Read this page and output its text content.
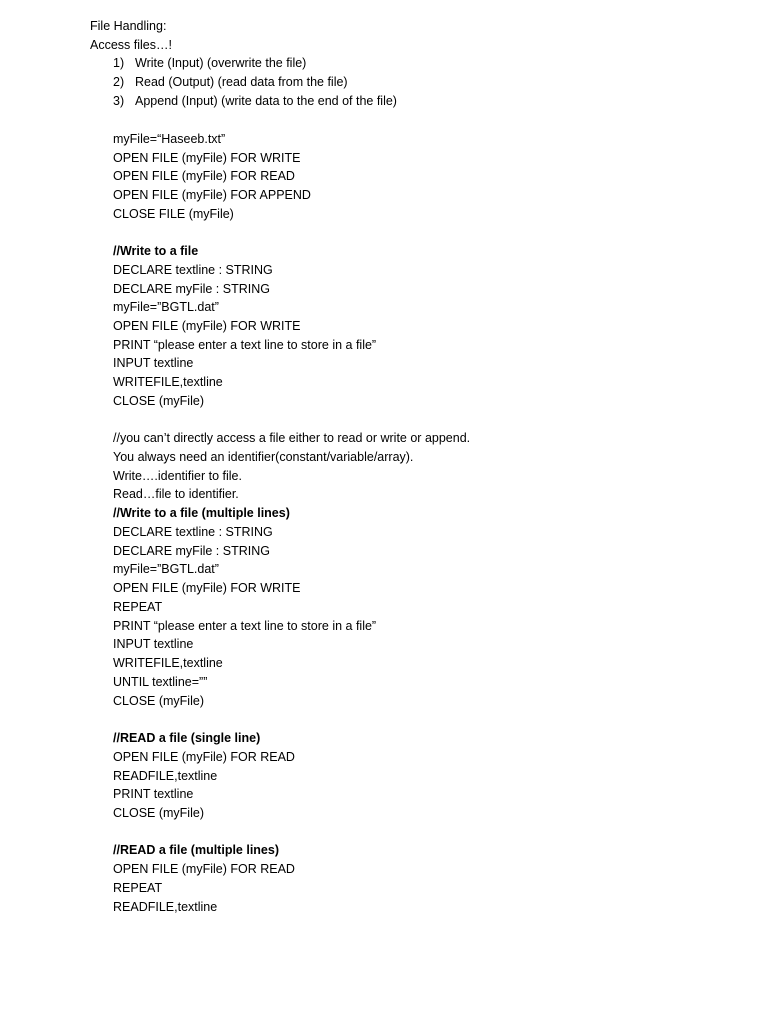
File Handling:
Access files…!
1) Write (Input) (overwrite the file)
2) Read (Output) (read data from the file)
3) Append (Input) (write data to the end of the file)
myFile=“Haseeb.txt”
OPEN FILE (myFile) FOR WRITE
OPEN FILE (myFile) FOR READ
OPEN FILE (myFile) FOR APPEND
CLOSE FILE (myFile)
//Write to a file
DECLARE textline : STRING
DECLARE myFile : STRING
myFile=”BGTL.dat”
OPEN FILE (myFile) FOR WRITE
PRINT “please enter a text line to store in a file”
INPUT textline
WRITEFILE,textline
CLOSE (myFile)
//you can’t directly access a file either to read or write or append.
You always need an identifier(constant/variable/array).
Write….identifier to file.
Read…file to identifier.
//Write to a file (multiple lines)
DECLARE textline : STRING
DECLARE myFile : STRING
myFile=”BGTL.dat”
OPEN FILE (myFile) FOR WRITE
REPEAT
PRINT “please enter a text line to store in a file”
INPUT textline
WRITEFILE,textline
UNTIL textline=””
CLOSE (myFile)
//READ a file (single line)
OPEN FILE (myFile) FOR READ
READFILE,textline
PRINT textline
CLOSE (myFile)
//READ a file (multiple lines)
OPEN FILE (myFile) FOR READ
REPEAT
READFILE,textline
